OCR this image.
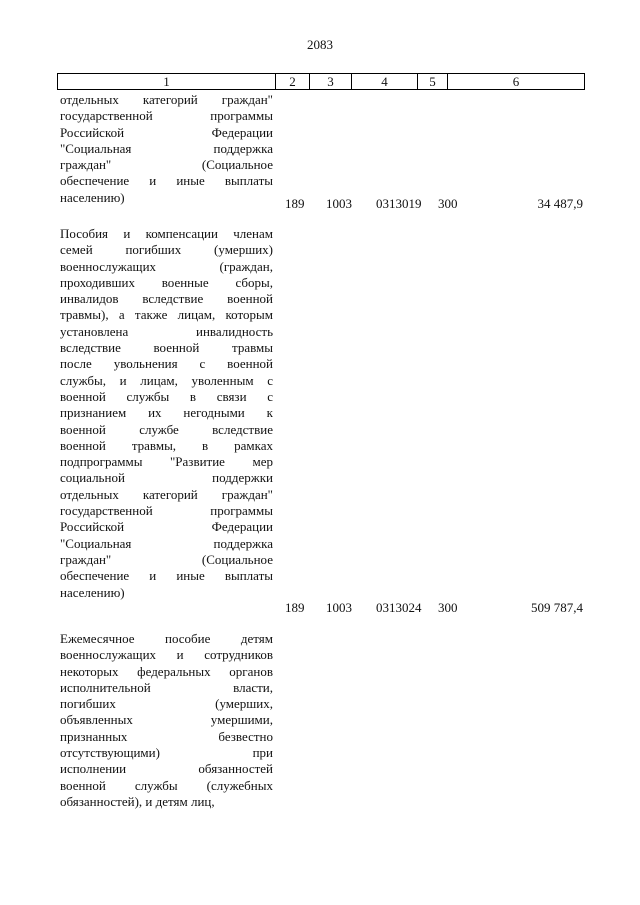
2083
1	2	3	4	5	6
отдельных категорий граждан"
государственной	программы
Российской	Федерации
"Социальная	поддержка
граждан"	(Социальное
обеспечение и иные выплаты
населению)	189 1003 0313019 300	34 487,9
Пособия и компенсации членам
семей	погибших	(умерших)
военнослужащих	(граждан,
проходивших военные сборы,
инвалидов вследствие военной
травмы), а также лицам, которым
установлена	инвалидность
вследствие	военной	травмы
после увольнения с военной
службы, и лицам, уволенным с
военной службы в связи с
признанием их негодными к
военной	службе	вследствие
военной травмы, в рамках
подпрограммы "Развитие мер
социальной	поддержки
отдельных категорий граждан"
государственной	программы
Российской	Федерации
"Социальная	поддержка
граждан"	(Социальное
обеспечение и иные выплаты
населению)
189 1003 0313024 300	509 787,4
Ежемесячное пособие детям
военнослужащих и сотрудников
некоторых федеральных органов
исполнительной	власти,
погибших	(умерших,
объявленных	умершими,
признанных	безвестно
отсутствующими)	при
исполнении	обязанностей
военной службы (служебных
обязанностей), и детям лиц,
